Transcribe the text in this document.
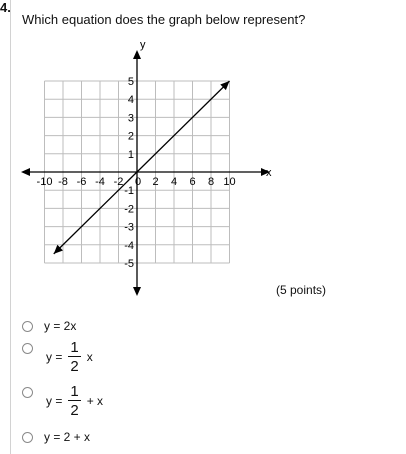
4.
Which equation does the graph below represent?
x
y
-10 -8 -6 -4 -2	2 4 6 8 10
0
5
4
3
2
1
-1
-2
-3
-4
-5
(5 points)
y = 2x
$y = \frac{1}{2}$ x
$y = \frac{1}{2} + x$
y = 2 + x
